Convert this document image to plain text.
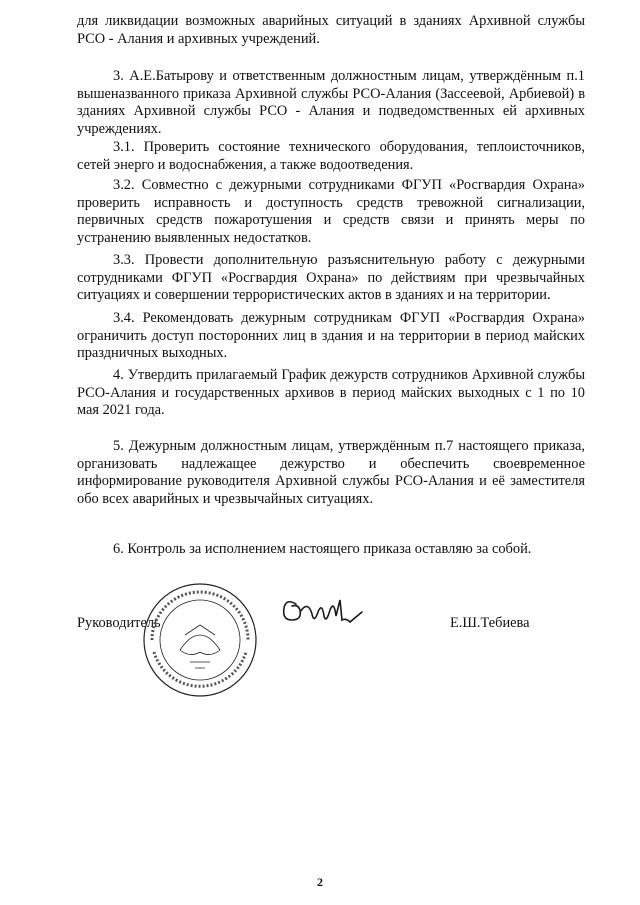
для ликвидации возможных аварийных ситуаций в зданиях Архивной службы РСО - Алания и архивных учреждений.

3. А.Е.Батырову и ответственным должностным лицам, утверждённым п.1 вышеназванного приказа Архивной службы РСО-Алания (Зассеевой, Арбиевой) в зданиях Архивной службы РСО - Алания и подведомственных ей архивных учреждениях.

3.1. Проверить состояние технического оборудования, теплоисточников, сетей энерго и водоснабжения, а также водоотведения.

3.2. Совместно с дежурными сотрудниками ФГУП «Росгвардия Охрана» проверить исправность и доступность средств тревожной сигнализации, первичных средств пожаротушения и средств связи и принять меры по устранению выявленных недостатков.

3.3. Провести дополнительную разъяснительную работу с дежурными сотрудниками ФГУП «Росгвардия Охрана» по действиям при чрезвычайных ситуациях и совершении террористических актов в зданиях и на территории.

3.4. Рекомендовать дежурным сотрудникам ФГУП «Росгвардия Охрана» ограничить доступ посторонних лиц в здания и на территории в период майских праздничных выходных.

4. Утвердить прилагаемый График дежурств сотрудников Архивной службы РСО-Алания и государственных архивов в период майских выходных с 1 по 10 мая 2021 года.

5. Дежурным должностным лицам, утверждённым п.7 настоящего приказа, организовать надлежащее дежурство и обеспечить своевременное информирование руководителя Архивной службы РСО-Алания и её заместителя обо всех аварийных и чрезвычайных ситуациях.

6. Контроль за исполнением настоящего приказа оставляю за собой.

Руководитель	Е.Ш.Тебиева
2
